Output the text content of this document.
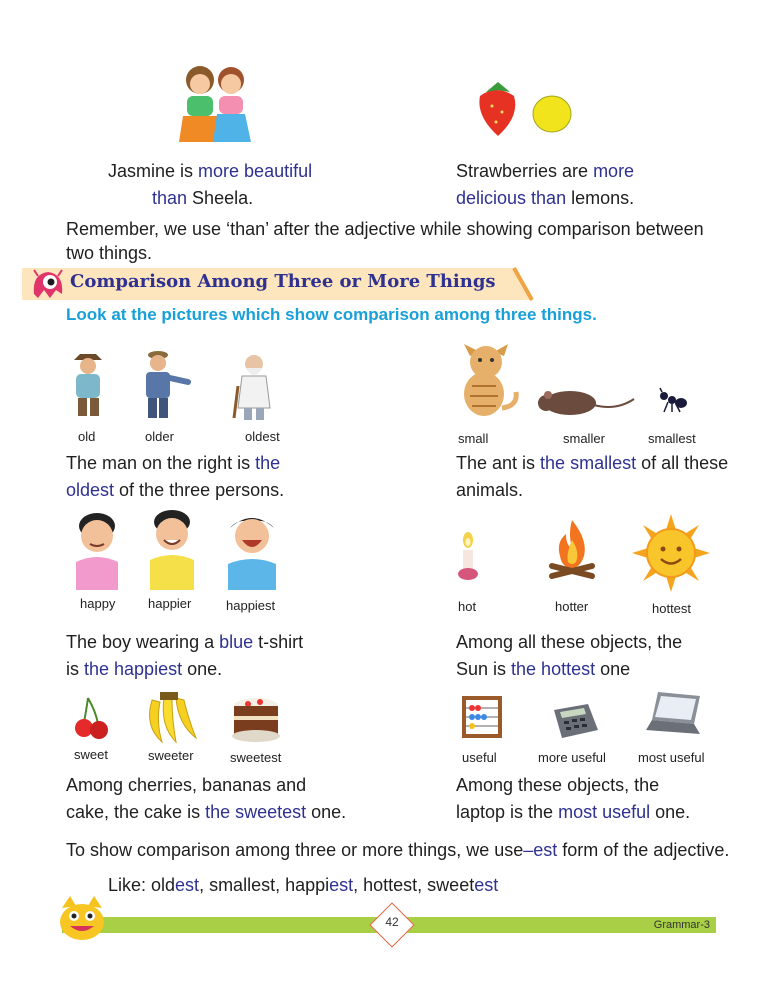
Jasmine is more beautiful
than Sheela.
Strawberries are more
delicious than lemons.
Remember, we use ‘than’ after the adjective while showing comparison between
two things.
Comparison Among Three or More Things
Look at the pictures which show comparison among three things.
old	older	oldest
The man on the right is the
oldest of the three persons.
small	smaller	smallest
The ant is the smallest of all these
animals.
happy	happier	happiest
The boy wearing a blue t-shirt
is the happiest one.
hot	hotter	hottest
Among all these objects, the
Sun is the hottest one
sweet	sweeter	sweetest
Among cherries, bananas and
cake, the cake is the sweetest one.
useful	more useful most useful
Among these objects, the
laptop is the most useful one.
To show comparison among three or more things, we use–est form of the adjective.
Like: oldest, smallest, happiest, hottest, sweetest
42	Grammar-3
